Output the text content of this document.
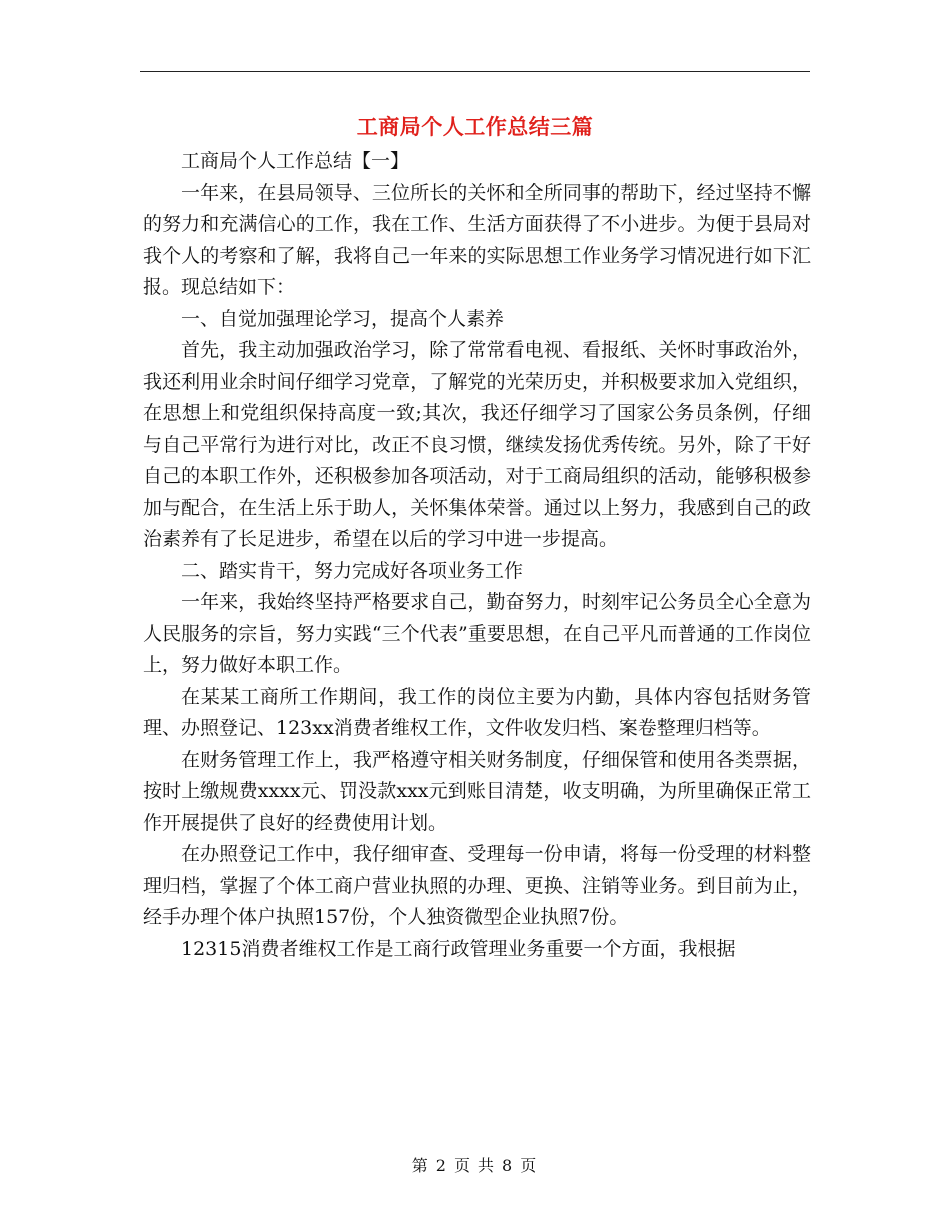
工商局个人工作总结三篇

工商局个人工作总结【一】

一年来，在县局领导、三位所长的关怀和全所同事的帮助下，经过坚持不懈的努力和充满信心的工作，我在工作、生活方面获得了不小进步。为便于县局对我个人的考察和了解，我将自己一年来的实际思想工作业务学习情况进行如下汇报。现总结如下：

一、自觉加强理论学习，提高个人素养

首先，我主动加强政治学习，除了常常看电视、看报纸、关怀时事政治外，我还利用业余时间仔细学习党章，了解党的光荣历史，并积极要求加入党组织，在思想上和党组织保持高度一致;其次，我还仔细学习了国家公务员条例，仔细与自己平常行为进行对比，改正不良习惯，继续发扬优秀传统。另外，除了干好自己的本职工作外，还积极参加各项活动，对于工商局组织的活动，能够积极参加与配合，在生活上乐于助人，关怀集体荣誉。通过以上努力，我感到自己的政治素养有了长足进步，希望在以后的学习中进一步提高。

二、踏实肯干，努力完成好各项业务工作

一年来，我始终坚持严格要求自己，勤奋努力，时刻牢记公务员全心全意为人民服务的宗旨，努力实践“三个代表”重要思想，在自己平凡而普通的工作岗位上，努力做好本职工作。

在某某工商所工作期间，我工作的岗位主要为内勤，具体内容包括财务管理、办照登记、123xx消费者维权工作，文件收发归档、案卷整理归档等。

在财务管理工作上，我严格遵守相关财务制度，仔细保管和使用各类票据，按时上缴规费xxxx元、罚没款xxx元到账目清楚，收支明确，为所里确保正常工作开展提供了良好的经费使用计划。

在办照登记工作中，我仔细审查、受理每一份申请，将每一份受理的材料整理归档，掌握了个体工商户营业执照的办理、更换、注销等业务。到目前为止，经手办理个体户执照157份，个人独资微型企业执照7份。

12315消费者维权工作是工商行政管理业务重要一个方面，我根据

第 2 页 共 8 页
